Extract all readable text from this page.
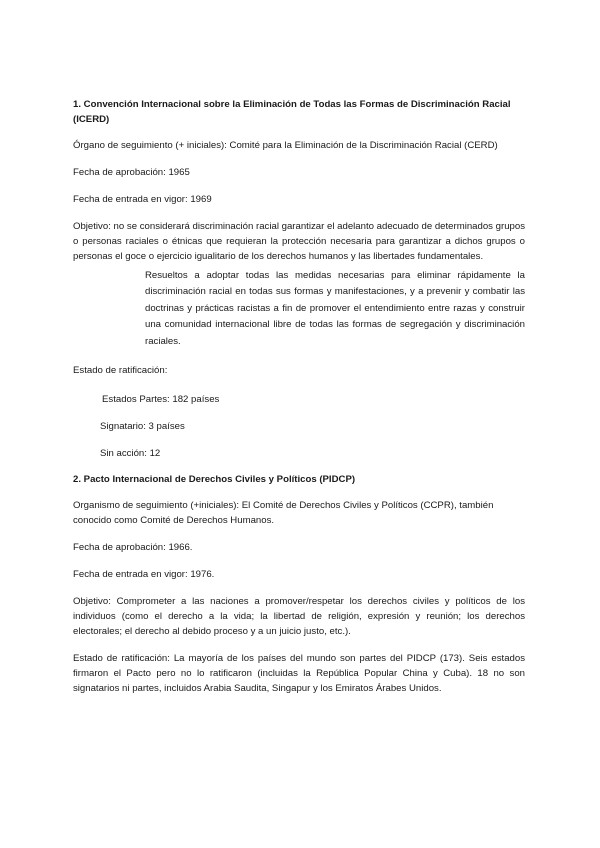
1. Convención Internacional sobre la Eliminación de Todas las Formas de Discriminación Racial (ICERD)

Órgano de seguimiento (+ iniciales): Comité para la Eliminación de la Discriminación Racial (CERD)

Fecha de aprobación: 1965

Fecha de entrada en vigor: 1969

Objetivo: no se considerará discriminación racial garantizar el adelanto adecuado de determinados grupos o personas raciales o étnicas que requieran la protección necesaria para garantizar a dichos grupos o personas el goce o ejercicio igualitario de los derechos humanos y las libertades fundamentales.

Resueltos a adoptar todas las medidas necesarias para eliminar rápidamente la discriminación racial en todas sus formas y manifestaciones, y a prevenir y combatir las doctrinas y prácticas racistas a fin de promover el entendimiento entre razas y construir una comunidad internacional libre de todas las formas de segregación y discriminación raciales.

Estado de ratificación:

Estados Partes: 182 países

Signatario: 3 países

Sin acción: 12

2. Pacto Internacional de Derechos Civiles y Políticos (PIDCP)

Organismo de seguimiento (+iniciales): El Comité de Derechos Civiles y Políticos (CCPR), también conocido como Comité de Derechos Humanos.

Fecha de aprobación: 1966.

Fecha de entrada en vigor: 1976.

Objetivo: Comprometer a las naciones a promover/respetar los derechos civiles y políticos de los individuos (como el derecho a la vida; la libertad de religión, expresión y reunión; los derechos electorales; el derecho al debido proceso y a un juicio justo, etc.).

Estado de ratificación: La mayoría de los países del mundo son partes del PIDCP (173). Seis estados firmaron el Pacto pero no lo ratificaron (incluidas la República Popular China y Cuba). 18 no son signatarios ni partes, incluidos Arabia Saudita, Singapur y los Emiratos Árabes Unidos.
